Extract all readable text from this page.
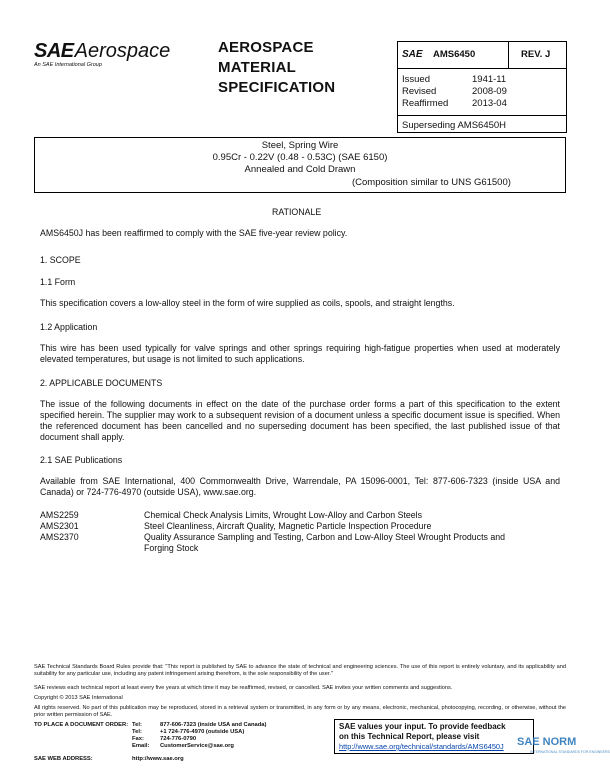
SAEAerospace
An SAE International Group
AEROSPACE
MATERIAL
SPECIFICATION
SAE AMS6450	REV. J
Issued	1941-11
Revised	2008-09
Reaffirmed 2013-04
Superseding AMS6450H
Steel, Spring Wire
0.95Cr - 0.22V (0.48 - 0.53C) (SAE 6150)
Annealed and Cold Drawn
(Composition similar to UNS G61500)
RATIONALE
AMS6450J has been reaffirmed to comply with the SAE five-year review policy.
1. SCOPE
1.1 Form
This specification covers a low-alloy steel in the form of wire supplied as coils, spools, and straight lengths.
1.2 Application
This wire has been used typically for valve springs and other springs requiring high-fatigue properties when used at moderately elevated temperatures, but usage is not limited to such applications.
2. APPLICABLE DOCUMENTS
The issue of the following documents in effect on the date of the purchase order forms a part of this specification to the extent specified herein. The supplier may work to a subsequent revision of a document unless a specific document issue is specified. When the referenced document has been cancelled and no superseding document has been specified, the last published issue of that document shall apply.
2.1 SAE Publications
Available from SAE International, 400 Commonwealth Drive, Warrendale, PA 15096-0001, Tel: 877-606-7323 (inside USA and Canada) or 724-776-4970 (outside USA), www.sae.org.
AMS2259	Chemical Check Analysis Limits, Wrought Low-Alloy and Carbon Steels
AMS2301	Steel Cleanliness, Aircraft Quality, Magnetic Particle Inspection Procedure
AMS2370	Quality Assurance Sampling and Testing, Carbon and Low-Alloy Steel Wrought Products and
Forging Stock
SAE Technical Standards Board Rules provide that: "This report is published by SAE to advance the state of technical and engineering sciences. The use of this report is entirely voluntary, and its applicability and suitability for any particular use, including any patent infringement arising therefrom, is the sole responsibility of the user."
SAE reviews each technical report at least every five years at which time it may be reaffirmed, revised, or cancelled. SAE invites your written comments and suggestions.
Copyright © 2013 SAE International
All rights reserved. No part of this publication may be reproduced, stored in a retrieval system or transmitted, in any form or by any means, electronic, mechanical, photocopying, recording, or otherwise, without the prior written permission of SAE.
TO PLACE A DOCUMENT ORDER: Tel:	877-606-7323 (inside USA and Canada)
Tel:	+1 724-776-4970 (outside USA)
Fax:	724-776-0790
Email: CustomerService@sae.org
SAE WEB ADDRESS:	http://www.sae.org
SAE values your input. To provide feedback
on this Technical Report, please visit
http://www.sae.org/technical/standards/AMS6450J	SAE NORM
INTERNATIONAL STANDARDS FOR ENGINEERS
